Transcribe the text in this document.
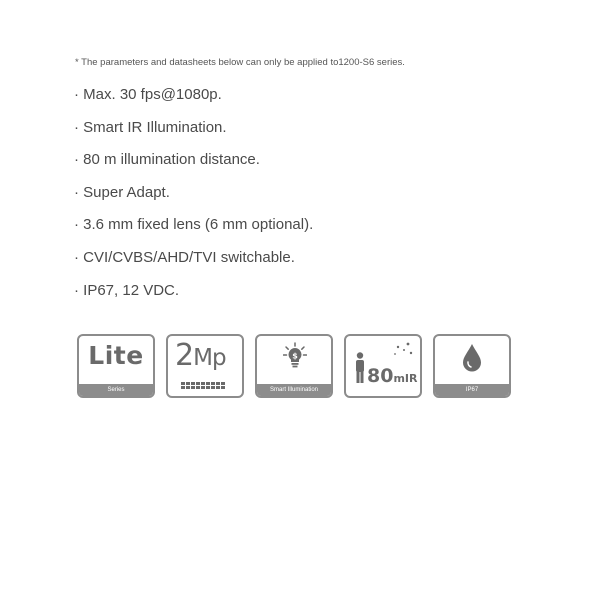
* The parameters and datasheets below can only be applied to1200-S6 series.
· Max. 30 fps@1080p.
· Smart IR Illumination.
· 80 m illumination distance.
· Super Adapt.
· 3.6 mm fixed lens (6 mm optional).
· CVI/CVBS/AHD/TVI switchable.
· IP67, 12 VDC.
Lite
Series
2Mp	$
Smart Illumination
80mIR
IP67
